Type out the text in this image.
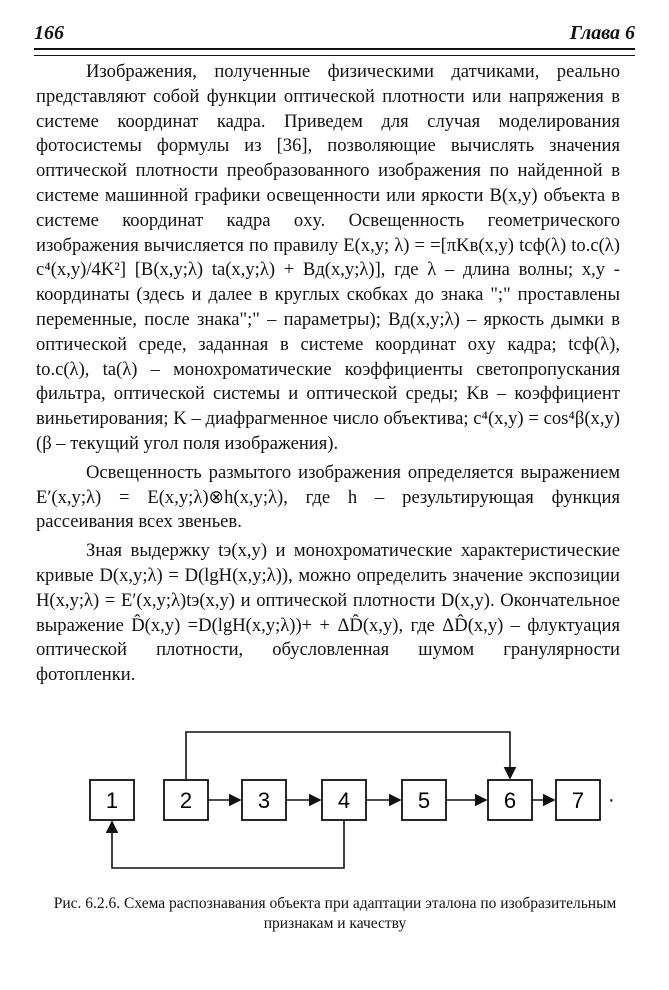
166	Глава 6

Изображения, полученные физическими датчиками, реально представляют собой функции оптической плотности или напряжения в системе координат кадра. Приведем для случая моделирования фотосистемы формулы из [36], позволяющие вычислять значения оптической плотности преобразованного изображения по найденной в системе машинной графики освещенности или яркости B(x,y) объекта в системе координат кадра oxy. Освещенность геометрического изображения вычисляется по правилу E(x,y; λ) = =[πKв(x,y) tсф(λ) tо.с(λ) c⁴(x,y)/4K²] [B(x,y;λ) tа(x,y;λ) + Bд(x,y;λ)], где λ – длина волны; x,y - координаты (здесь и далее в круглых скобках до знака ";" проставлены переменные, после знака";" – параметры); Bд(x,y;λ) – яркость дымки в оптической среде, заданная в системе координат oxy кадра; tсф(λ), tо.с(λ), tа(λ) – монохроматические коэффициенты светопропускания фильтра, оптической системы и оптической среды; Kв – коэффициент виньетирования; K – диафрагменное число объектива; c⁴(x,y) = cos⁴β(x,y) (β – текущий угол поля изображения).

Освещенность размытого изображения определяется выражением E′(x,y;λ) = E(x,y;λ)⊗h(x,y;λ), где h – результирующая функция рассеивания всех звеньев.

Зная выдержку tэ(x,y) и монохроматические характеристические кривые D(x,y;λ) = D(lgH(x,y;λ)), можно определить значение экспозиции H(x,y;λ) = E′(x,y;λ)tэ(x,y) и оптической плотности D(x,y). Окончательное выражение D̂(x,y) =D(lgH(x,y;λ))+ + ΔD̂(x,y), где ΔD̂(x,y) – флуктуация оптической плотности, обусловленная шумом гранулярности фотопленки.

1	2	3	4	5	6	7 ·
Рис. 6.2.6. Схема распознавания объекта при адаптации эталона по изобразительным признакам и качеству
